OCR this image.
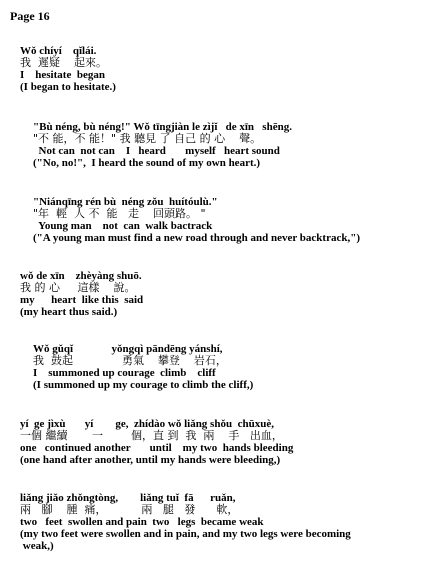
Page 16
Wǒ chíyí    qǐlái.
我  遲疑    起來。
I    hesitate  began
(I began to hesitate.)
"Bù néng, bù néng!" Wǒ tīngjiàn le zìjǐ   de xīn   shēng.
"不 能，不 能！" 我 聽見 了 自己 的 心    聲。
Not can  not can    I   heard       myself   heart sound
("No, no!",  I heard the sound of my own heart.)
"Niánqīng rén bù  néng zǒu  huítóulù."
"年  輕  人 不  能   走    回頭路。 "
Young man    not  can  walk bactrack
("A young man must find a new road through and never backtrack,")
wǒ de xīn    zhèyàng shuō.
我 的 心     這樣    說。
my      heart  like this  said
(my heart thus said.)
Wǒ gǔqǐ              yǒngqì pāndēng yánshí,
我  鼓起              勇氣    攀登    岩石，
I    summoned up courage  climb    cliff
(I summoned up my courage to climb the cliff,)
yí  ge jìxù       yí        ge,  zhídào wǒ liǎng shǒu  chūxuè,
一個 繼續       一        個，直 到  我  兩    手   出血，
one   continued another       until    my two  hands bleeding
(one hand after another, until my hands were bleeding,)
liǎng jiǎo zhǒngtòng,        liǎng tuǐ  fā      ruǎn,
兩   腳    腫  痛，          兩   腿   發      軟，
two   feet  swollen and pain  two   legs  became weak
(my two feet were swollen and in pain, and my two legs were becoming
weak,)
